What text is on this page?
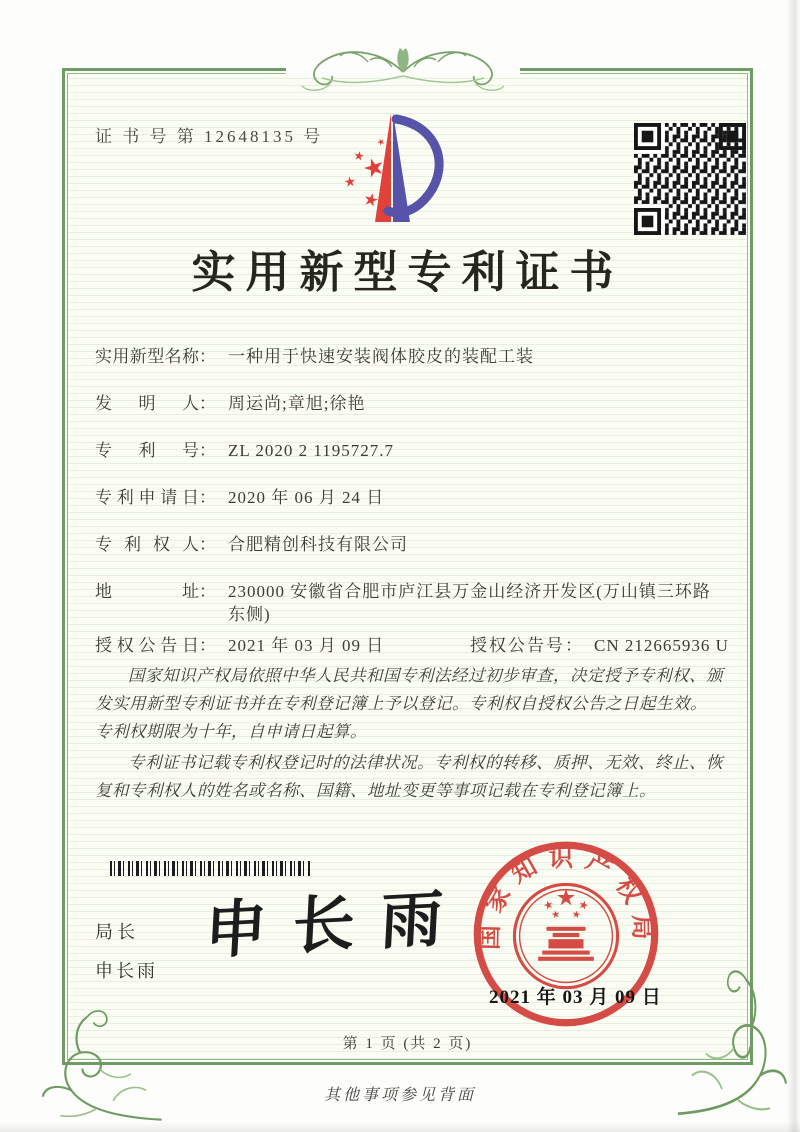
证 书 号 第 12648135 号
实用新型专利证书
实用新型名称： 一种用于快速安装阀体胶皮的装配工装
发明人： 周运尚;章旭;徐艳
专利号： ZL 2020 2 1195727.7
专利申请日： 2020 年 06 月 24 日
专利权人： 合肥精创科技有限公司
地址： 230000 安徽省合肥市庐江县万金山经济开发区(万山镇三环路东侧)
授权公告日： 2021 年 03 月 09 日	授权公告号： CN 212665936 U

国家知识产权局依照中华人民共和国专利法经过初步审查，决定授予专利权、颁发实用新型专利证书并在专利登记簿上予以登记。专利权自授权公告之日起生效。专利权期限为十年，自申请日起算。

专利证书记载专利权登记时的法律状况。专利权的转移、质押、无效、终止、恢复和专利权人的姓名或名称、国籍、地址变更等事项记载在专利登记簿上。

局长
申长雨
申长雨 国家知识产权局
2021 年 03 月 09 日
第 1 页 (共 2 页)
其他事项参见背面
